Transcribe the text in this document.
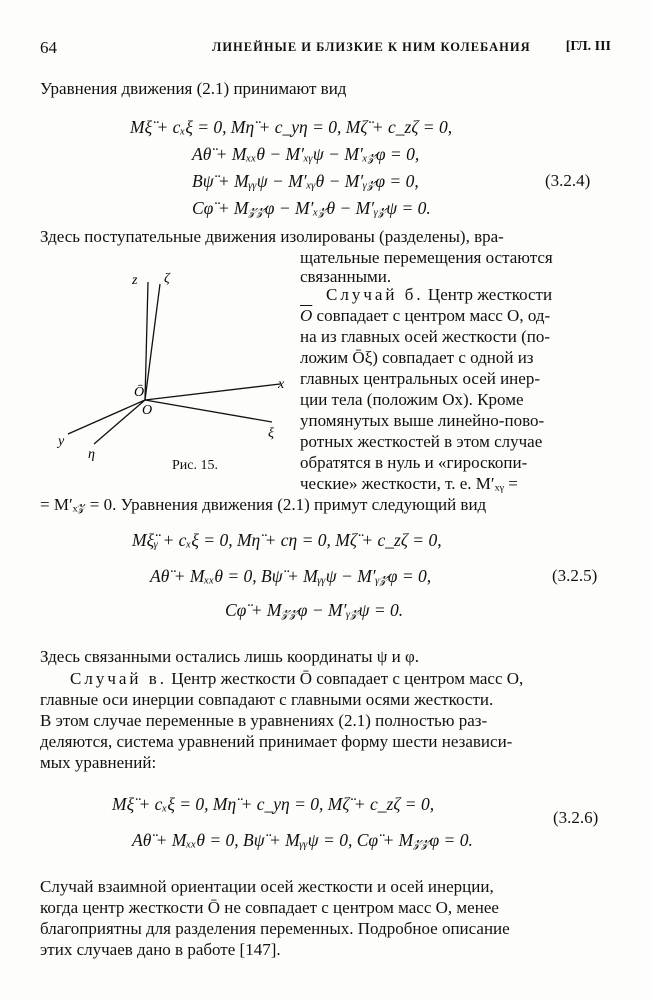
64	ЛИНЕЙНЫЕ И БЛИЗКИЕ К НИМ КОЛЕБАНИЯ	[ГЛ. III
Уравнения движения (2.1) принимают вид
Mξ̈ + cₓξ = 0, Mη̈ + c_yη = 0, Mζ̈ + c_zζ = 0,
Aθ̈ + Mₓₓθ − M′ₓᵧψ − M′ₓ𝓏φ = 0,
Bψ̈ + Mᵧᵧψ − M′ₓᵧθ − M′ᵧ𝓏φ = 0,
Cφ̈ + M𝓏𝓏φ − M′ₓ𝓏θ − M′ᵧ𝓏ψ = 0.
(3.2.4)
Здесь поступательные движения изолированы (разделены), вра-
щательные перемещения остаются
связанными.
z ζ
x
ξ
y
η
O
Ō
Рис. 15.
Случай б. Центр жесткости
$\overline{O}$ совпадает с центром масс O, од-
на из главных осей жесткости (по-
ложим Ōξ) совпадает с одной из
главных центральных осей инер-
ции тела (положим Ox). Кроме
упомянутых выше линейно-пово-
ротных жесткостей в этом случае
обратятся в нуль и «гироскопи-
ческие» жесткости, т. е. M′ₓᵧ =
= M′ₓ𝓏 = 0. Уравнения движения (2.1) примут следующий вид
Mξ̈ᵧ + cₓξ = 0, Mη̈ + cη = 0, Mζ̈ + c_zζ = 0,
Aθ̈ + Mₓₓθ = 0, Bψ̈ + Mᵧᵧψ − M′ᵧ𝓏φ = 0,
Cφ̈ + M𝓏𝓏φ − M′ᵧ𝓏ψ = 0.
(3.2.5)
Здесь связанными остались лишь координаты ψ и φ.
Случай в. Центр жесткости Ō совпадает с центром масс O,
главные оси инерции совпадают с главными осями жесткости.
В этом случае переменные в уравнениях (2.1) полностью раз-
деляются, система уравнений принимает форму шести независи-
мых уравнений:
Mξ̈ + cₓξ = 0, Mη̈ + c_yη = 0, Mζ̈ + c_zζ = 0,
Aθ̈ + Mₓₓθ = 0, Bψ̈ + Mᵧᵧψ = 0, Cφ̈ + M𝓏𝓏φ = 0.
(3.2.6)
Случай взаимной ориентации осей жесткости и осей инерции,
когда центр жесткости Ō не совпадает с центром масс O, менее
благоприятны для разделения переменных. Подробное описание
этих случаев дано в работе [147].
